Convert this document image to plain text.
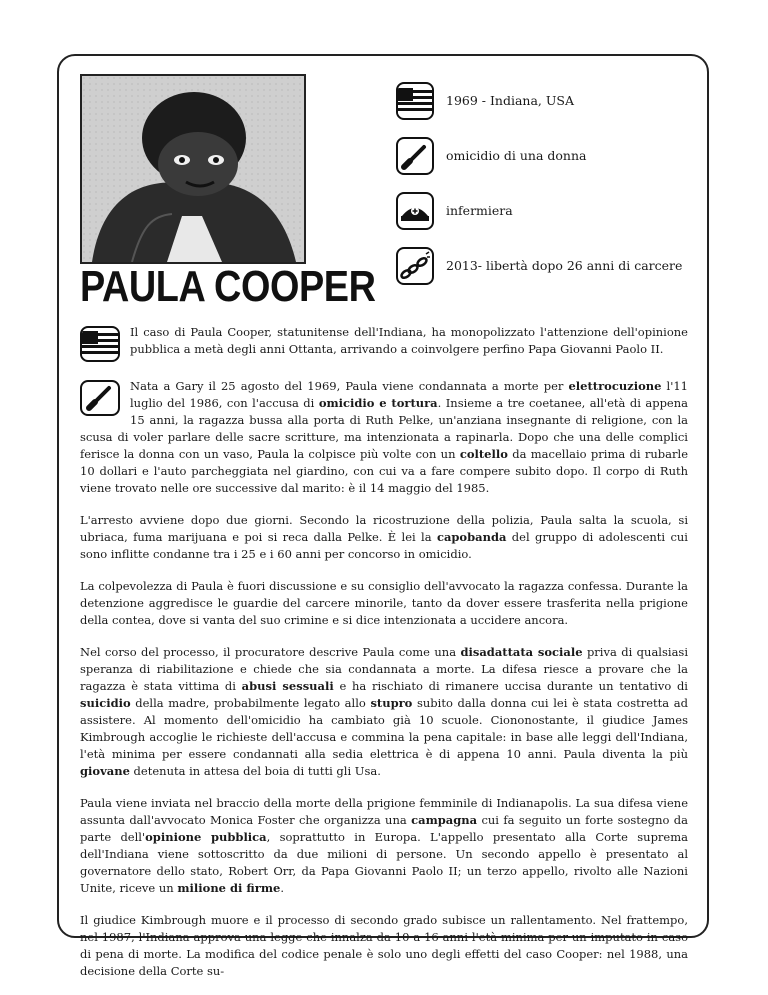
1969 - Indiana, USA
omicidio di una donna
infermiera
2013- libertà dopo 26 anni di carcere
PAULA COOPER

Il caso di Paula Cooper, statunitense dell'Indiana, ha monopolizzato l'attenzione dell'opinione pubblica a metà degli anni Ottanta, arrivando a coinvolgere perfino Papa Giovanni Paolo II.

Nata a Gary il 25 agosto del 1969, Paula viene condannata a morte per elettrocuzione l'11 luglio del 1986, con l'accusa di omicidio e tortura. Insieme a tre coetanee, all'età di appena 15 anni, la ragazza bussa alla porta di Ruth Pelke, un'anziana insegnante di religione, con la scusa di voler parlare delle sacre scritture, ma intenzionata a rapinarla. Dopo che una delle complici ferisce la donna con un vaso, Paula la colpisce più volte con un coltello da macellaio prima di rubarle 10 dollari e l'auto parcheggiata nel giardino, con cui va a fare compere subito dopo. Il corpo di Ruth viene trovato nelle ore successive dal marito: è il 14 maggio del 1985.

L'arresto avviene dopo due giorni. Secondo la ricostruzione della polizia, Paula salta la scuola, si ubriaca, fuma marijuana e poi si reca dalla Pelke. È lei la capobanda del gruppo di adolescenti cui sono inflitte condanne tra i 25 e i 60 anni per concorso in omicidio.

La colpevolezza di Paula è fuori discussione e su consiglio dell'avvocato la ragazza confessa. Durante la detenzione aggredisce le guardie del carcere minorile, tanto da dover essere trasferita nella prigione della contea, dove si vanta del suo crimine e si dice intenzionata a uccidere ancora.

Nel corso del processo, il procuratore descrive Paula come una disadattata sociale priva di qualsiasi speranza di riabilitazione e chiede che sia condannata a morte. La difesa riesce a provare che la ragazza è stata vittima di abusi sessuali e ha rischiato di rimanere uccisa durante un tentativo di suicidio della madre, probabilmente legato allo stupro subito dalla donna cui lei è stata costretta ad assistere. Al momento dell'omicidio ha cambiato già 10 scuole. Ciononostante, il giudice James Kimbrough accoglie le richieste dell'accusa e commina la pena capitale: in base alle leggi dell'Indiana, l'età minima per essere condannati alla sedia elettrica è di appena 10 anni. Paula diventa la più giovane detenuta in attesa del boia di tutti gli Usa.

Paula viene inviata nel braccio della morte della prigione femminile di Indianapolis. La sua difesa viene assunta dall'avvocato Monica Foster che organizza una campagna cui fa seguito un forte sostegno da parte dell'opinione pubblica, soprattutto in Europa. L'appello presentato alla Corte suprema dell'Indiana viene sottoscritto da due milioni di persone. Un secondo appello è presentato al governatore dello stato, Robert Orr, da Papa Giovanni Paolo II; un terzo appello, rivolto alle Nazioni Unite, riceve un milione di firme.

Il giudice Kimbrough muore e il processo di secondo grado subisce un rallentamento. Nel frattempo, nel 1987, l'Indiana approva una legge che innalza da 10 a 16 anni l'età minima per un imputato in caso di pena di morte. La modifica del codice penale è solo uno degli effetti del caso Cooper: nel 1988, una decisione della Corte su-
